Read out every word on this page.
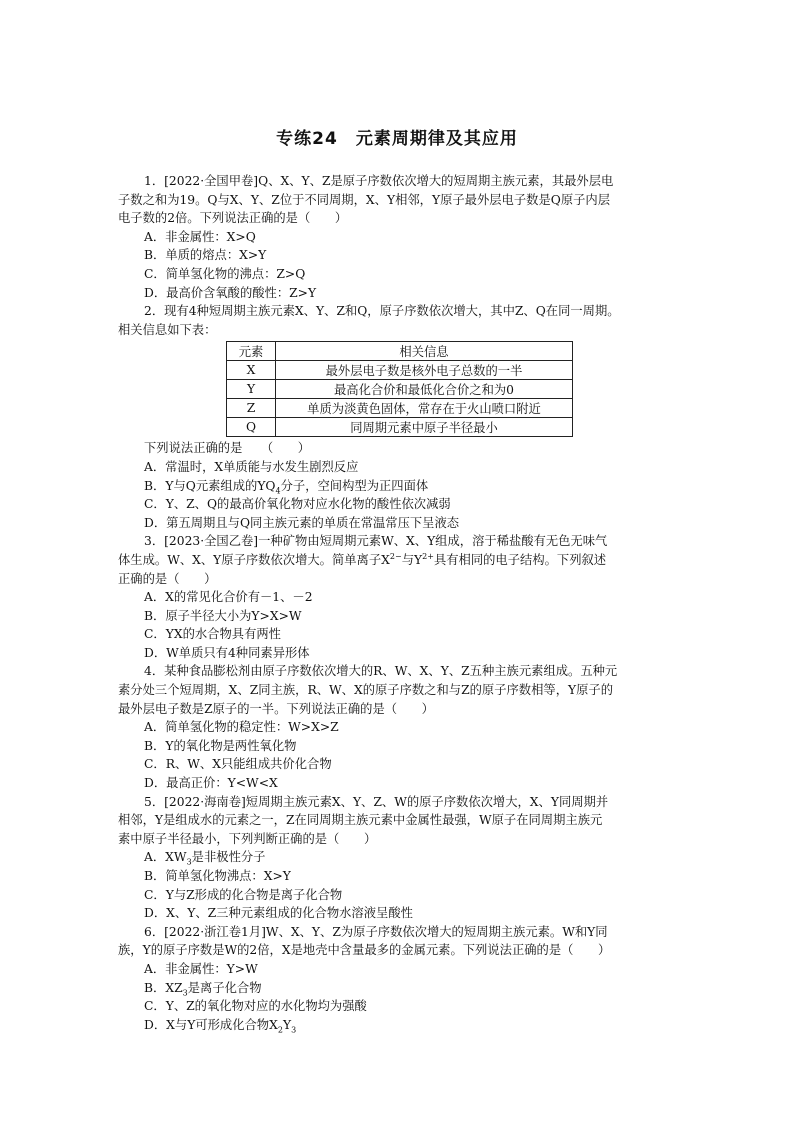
专练24　元素周期律及其应用
1．[2022·全国甲卷]Q、X、Y、Z是原子序数依次增大的短周期主族元素，其最外层电
子数之和为19。Q与X、Y、Z位于不同周期，X、Y相邻，Y原子最外层电子数是Q原子内层
电子数的2倍。下列说法正确的是（　　）
A．非金属性：X>Q
B．单质的熔点：X>Y
C．简单氢化物的沸点：Z>Q
D．最高价含氧酸的酸性：Z>Y
2．现有4种短周期主族元素X、Y、Z和Q，原子序数依次增大，其中Z、Q在同一周期。
相关信息如下表：
元素	相关信息
X	最外层电子数是核外电子总数的一半
Y	最高化合价和最低化合价之和为0
Z	单质为淡黄色固体，常存在于火山喷口附近
Q	同周期元素中原子半径最小
下列说法正确的是　　（　　）
A．常温时，X单质能与水发生剧烈反应
B．Y与Q元素组成的$YQ_4$分子，空间构型为正四面体
C．Y、Z、Q的最高价氧化物对应水化物的酸性依次减弱
D．第五周期且与Q同主族元素的单质在常温常压下呈液态
3．[2023·全国乙卷]一种矿物由短周期元素W、X、Y组成，溶于稀盐酸有无色无味气
体生成。W、X、Y原子序数依次增大。简单离子$X^{2-}$与$Y^{2+}$具有相同的电子结构。下列叙述
正确的是（　　）
A．X的常见化合价有－1、－2
B．原子半径大小为Y>X>W
C．YX的水合物具有两性
D．W单质只有4种同素异形体
4．某种食品膨松剂由原子序数依次增大的R、W、X、Y、Z五种主族元素组成。五种元
素分处三个短周期，X、Z同主族，R、W、X的原子序数之和与Z的原子序数相等，Y原子的
最外层电子数是Z原子的一半。下列说法正确的是（　　）
A．简单氢化物的稳定性：W>X>Z
B．Y的氧化物是两性氧化物
C．R、W、X只能组成共价化合物
D．最高正价：Y<W<X
5．[2022·海南卷]短周期主族元素X、Y、Z、W的原子序数依次增大，X、Y同周期并
相邻，Y是组成水的元素之一，Z在同周期主族元素中金属性最强，W原子在同周期主族元
素中原子半径最小，下列判断正确的是（　　）
A．$XW_3$是非极性分子
B．简单氢化物沸点：X>Y
C．Y与Z形成的化合物是离子化合物
D．X、Y、Z三种元素组成的化合物水溶液呈酸性
6．[2022·浙江卷1月]W、X、Y、Z为原子序数依次增大的短周期主族元素。W和Y同
族，Y的原子序数是W的2倍，X是地壳中含量最多的金属元素。下列说法正确的是（　　）
A．非金属性：Y>W
B．$XZ_3$是离子化合物
C．Y、Z的氧化物对应的水化物均为强酸
D．X与Y可形成化合物$X_2Y_3$
